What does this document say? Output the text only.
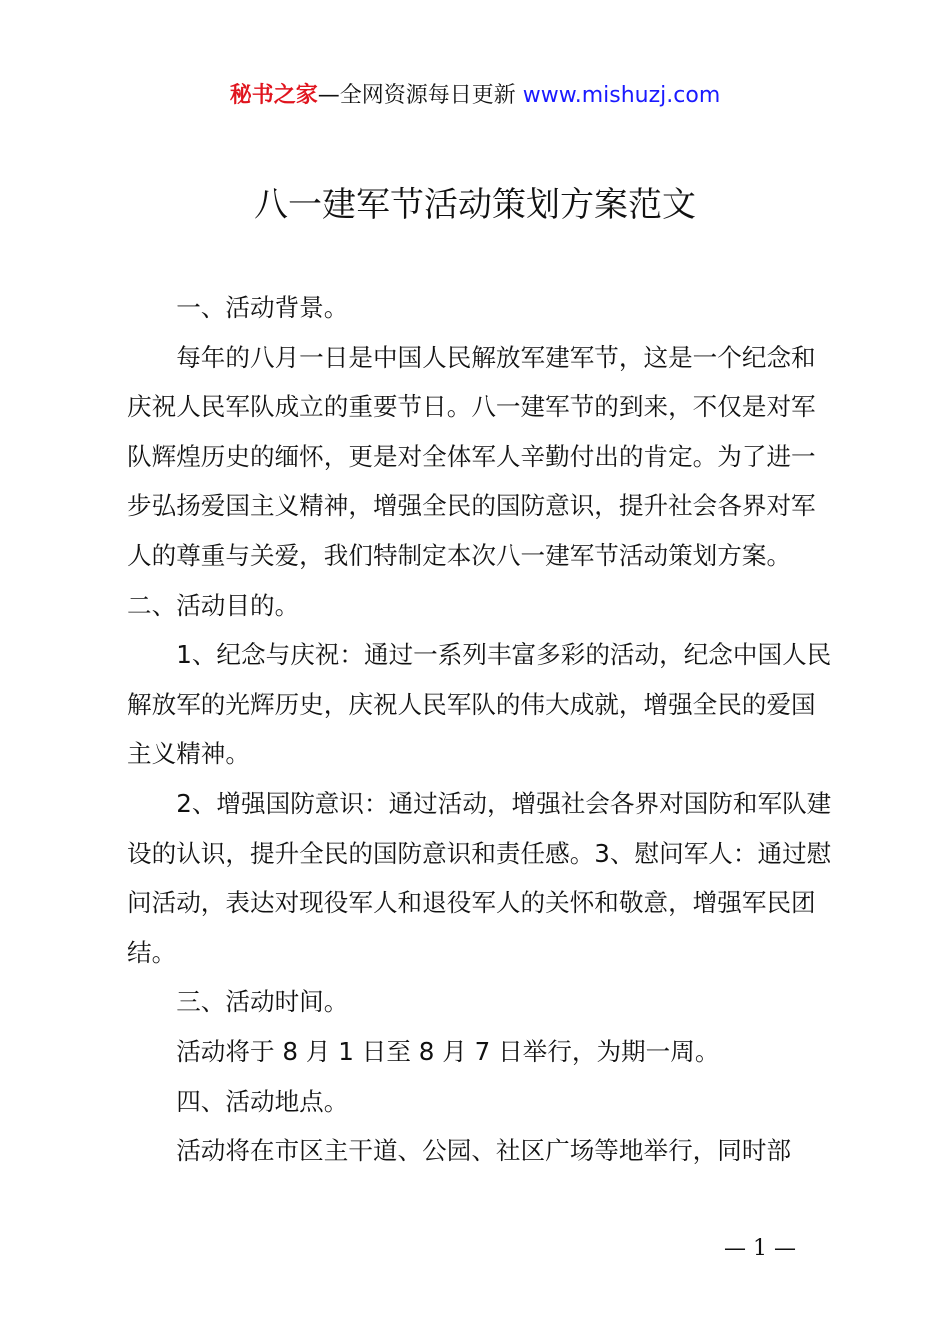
秘书之家—全网资源每日更新 www.mishuzj.com
八一建军节活动策划方案范文

一、活动背景。

每年的八月一日是中国人民解放军建军节，这是一个纪念和庆祝人民军队成立的重要节日。八一建军节的到来，不仅是对军队辉煌历史的缅怀，更是对全体军人辛勤付出的肯定。为了进一步弘扬爱国主义精神，增强全民的国防意识，提升社会各界对军人的尊重与关爱，我们特制定本次八一建军节活动策划方案。二、活动目的。

1、纪念与庆祝：通过一系列丰富多彩的活动，纪念中国人民解放军的光辉历史，庆祝人民军队的伟大成就，增强全民的爱国主义精神。

2、增强国防意识：通过活动，增强社会各界对国防和军队建设的认识，提升全民的国防意识和责任感。3、慰问军人：通过慰问活动，表达对现役军人和退役军人的关怀和敬意，增强军民团结。

三、活动时间。

活动将于 8 月 1 日至 8 月 7 日举行，为期一周。

四、活动地点。

活动将在市区主干道、公园、社区广场等地举行，同时部

— 1 —
